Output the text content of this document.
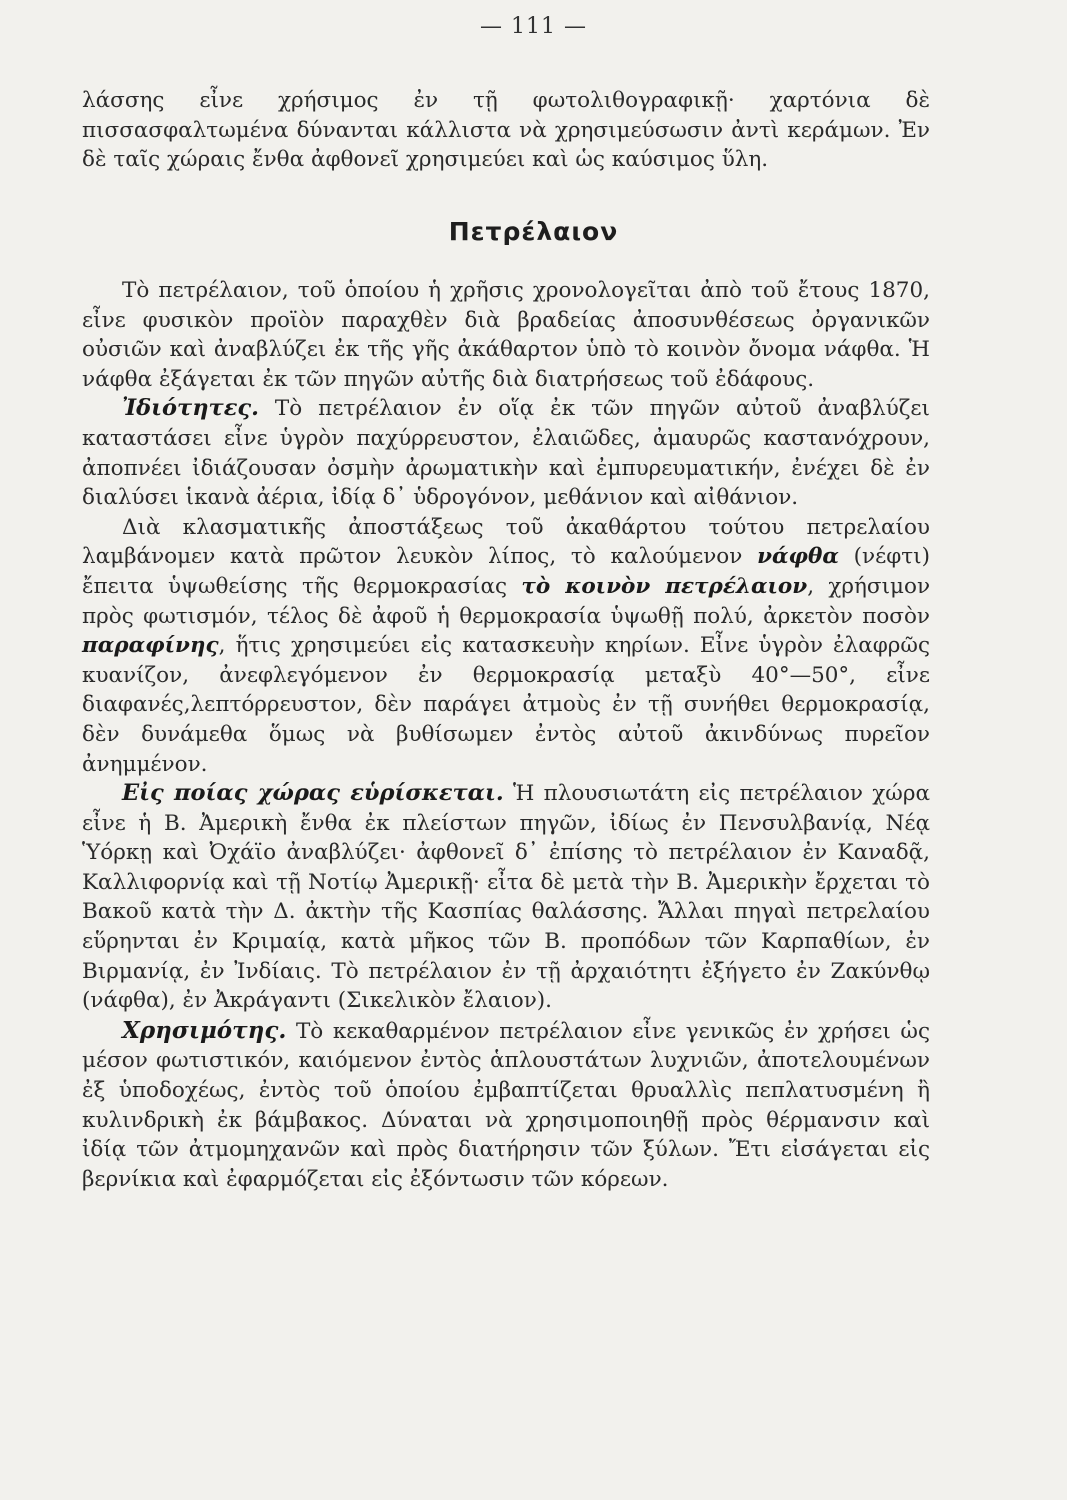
— 111 —

λάσσης εἶνε χρήσιμος ἐν τῇ φωτολιθογραφικῇ· χαρτόνια δὲ πισσασφαλτωμένα δύνανται κάλλιστα νὰ χρησιμεύσωσιν ἀντὶ κεράμων. Ἐν δὲ ταῖς χώραις ἔνθα ἀφθονεῖ χρησιμεύει καὶ ὡς καύσιμος ὕλη.

Πετρέλαιον

Τὸ πετρέλαιον, τοῦ ὁποίου ἡ χρῆσις χρονολογεῖται ἀπὸ τοῦ ἔτους 1870, εἶνε φυσικὸν προϊὸν παραχθὲν διὰ βραδείας ἀποσυνθέσεως ὀργανικῶν οὐσιῶν καὶ ἀναβλύζει ἐκ τῆς γῆς ἀκάθαρτον ὑπὸ τὸ κοινὸν ὄνομα νάφθα. Ἡ νάφθα ἐξάγεται ἐκ τῶν πηγῶν αὐτῆς διὰ διατρήσεως τοῦ ἐδάφους.

Ἰδιότητες. Τὸ πετρέλαιον ἐν οἵᾳ ἐκ τῶν πηγῶν αὐτοῦ ἀναβλύζει καταστάσει εἶνε ὑγρὸν παχύρρευστον, ἐλαιῶδες, ἀμαυρῶς καστανόχρουν, ἀποπνέει ἰδιάζουσαν ὀσμὴν ἀρωματικὴν καὶ ἐμπυρευματικήν, ἐνέχει δὲ ἐν διαλύσει ἱκανὰ ἀέρια, ἰδίᾳ δ᾽ ὑδρογόνον, μεθάνιον καὶ αἰθάνιον.

Διὰ κλασματικῆς ἀποστάξεως τοῦ ἀκαθάρτου τούτου πετρελαίου λαμβάνομεν κατὰ πρῶτον λευκὸν λίπος, τὸ καλούμενον νάφθα (νέφτι) ἔπειτα ὑψωθείσης τῆς θερμοκρασίας τὸ κοινὸν πετρέλαιον, χρήσιμον πρὸς φωτισμόν, τέλος δὲ ἀφοῦ ἡ θερμοκρασία ὑψωθῇ πολύ, ἀρκετὸν ποσὸν παραφίνης, ἥτις χρησιμεύει εἰς κατασκευὴν κηρίων. Εἶνε ὑγρὸν ἐλαφρῶς κυανίζον, ἀνεφλεγόμενον ἐν θερμοκρασίᾳ μεταξὺ 40°—50°, εἶνε διαφανές,λεπτόρρευστον, δὲν παράγει ἀτμοὺς ἐν τῇ συνήθει θερμοκρασίᾳ, δὲν δυνάμεθα ὅμως νὰ βυθίσωμεν ἐντὸς αὐτοῦ ἀκινδύνως πυρεῖον ἀνημμένον.

Εἰς ποίας χώρας εὑρίσκεται. Ἡ πλουσιωτάτη εἰς πετρέλαιον χώρα εἶνε ἡ Β. Ἀμερικὴ ἔνθα ἐκ πλείστων πηγῶν, ἰδίως ἐν Πενσυλβανίᾳ, Νέᾳ Ὑόρκῃ καὶ Ὀχάϊο ἀναβλύζει· ἀφθονεῖ δ᾽ ἐπίσης τὸ πετρέλαιον ἐν Καναδᾷ, Καλλιφορνίᾳ καὶ τῇ Νοτίῳ Ἀμερικῇ· εἶτα δὲ μετὰ τὴν Β. Ἀμερικὴν ἔρχεται τὸ Βακοῦ κατὰ τὴν Δ. ἀκτὴν τῆς Κασπίας θαλάσσης. Ἄλλαι πηγαὶ πετρελαίου εὕρηνται ἐν Κριμαίᾳ, κατὰ μῆκος τῶν Β. προπόδων τῶν Καρπαθίων, ἐν Βιρμανίᾳ, ἐν Ἰνδίαις. Τὸ πετρέλαιον ἐν τῇ ἀρχαιότητι ἐξήγετο ἐν Ζακύνθῳ (νάφθα), ἐν Ἀκράγαντι (Σικελικὸν ἔλαιον).

Χρησιμότης. Τὸ κεκαθαρμένον πετρέλαιον εἶνε γενικῶς ἐν χρήσει ὡς μέσον φωτιστικόν, καιόμενον ἐντὸς ἁπλουστάτων λυχνιῶν, ἀποτελουμένων ἐξ ὑποδοχέως, ἐντὸς τοῦ ὁποίου ἐμβαπτίζεται θρυαλλὶς πεπλατυσμένη ἢ κυλινδρικὴ ἐκ βάμβακος. Δύναται νὰ χρησιμοποιηθῇ πρὸς θέρμανσιν καὶ ἰδίᾳ τῶν ἀτμομηχανῶν καὶ πρὸς διατήρησιν τῶν ξύλων. Ἔτι εἰσάγεται εἰς βερνίκια καὶ ἐφαρμόζεται εἰς ἐξόντωσιν τῶν κόρεων.
